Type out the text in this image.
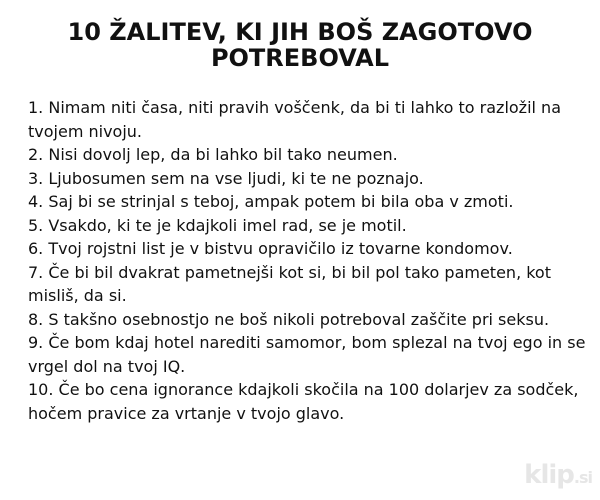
10 ŽALITEV, KI JIH BOŠ ZAGOTOVO POTREBOVAL
1. Nimam niti časa, niti pravih voščenk, da bi ti lahko to razložil na tvojem nivoju.
2. Nisi dovolj lep, da bi lahko bil tako neumen.
3. Ljubosumen sem na vse ljudi, ki te ne poznajo.
4. Saj bi se strinjal s teboj, ampak potem bi bila oba v zmoti.
5. Vsakdo, ki te je kdajkoli imel rad, se je motil.
6. Tvoj rojstni list je v bistvu opravičilo iz tovarne kondomov.
7. Če bi bil dvakrat pametnejši kot si, bi bil pol tako pameten, kot misliš, da si.
8. S takšno osebnostjo ne boš nikoli potreboval zaščite pri seksu.
9. Če bom kdaj hotel narediti samomor, bom splezal na tvoj ego in se vrgel dol na tvoj IQ.
10. Če bo cena ignorance kdajkoli skočila na 100 dolarjev za sodček, hočem pravice za vrtanje v tvojo glavo.
klip.si
